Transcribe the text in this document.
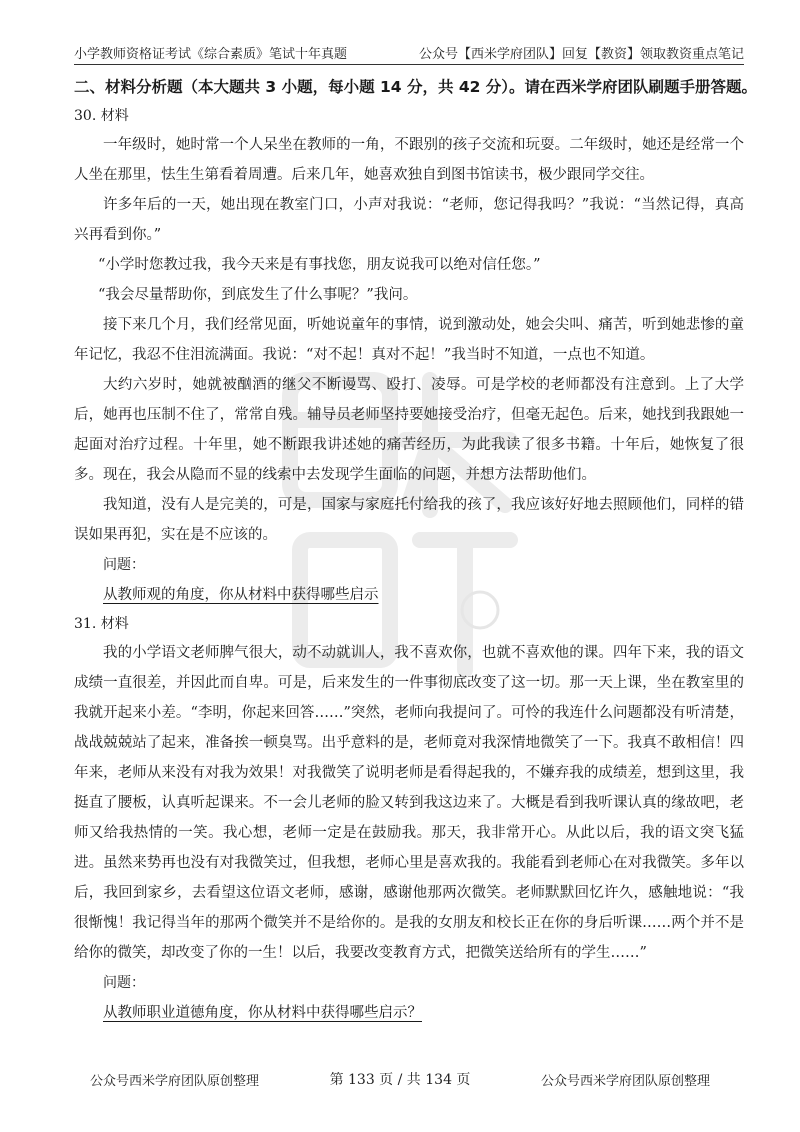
小学教师资格证考试《综合素质》笔试十年真题	公众号【西米学府团队】回复【教资】领取教资重点笔记

二、材料分析题（本大题共 3 小题，每小题 14 分，共 42 分）。请在西米学府团队刷题手册答题。

30. 材料

一年级时，她时常一个人呆坐在教师的一角，不跟别的孩子交流和玩耍。二年级时，她还是经常一个人坐在那里，怯生生第看着周遭。后来几年，她喜欢独自到图书馆读书，极少跟同学交往。

许多年后的一天，她出现在教室门口，小声对我说：“老师，您记得我吗？”我说：“当然记得，真高兴再看到你。”

“小学时您教过我，我今天来是有事找您，朋友说我可以绝对信任您。”

“我会尽量帮助你，到底发生了什么事呢？”我问。

接下来几个月，我们经常见面，听她说童年的事情，说到激动处，她会尖叫、痛苦，听到她悲惨的童年记忆，我忍不住泪流满面。我说：“对不起！真对不起！”我当时不知道，一点也不知道。

大约六岁时，她就被酗酒的继父不断谩骂、殴打、凌辱。可是学校的老师都没有注意到。上了大学后，她再也压制不住了，常常自残。辅导员老师坚持要她接受治疗，但毫无起色。后来，她找到我跟她一起面对治疗过程。十年里，她不断跟我讲述她的痛苦经历，为此我读了很多书籍。十年后，她恢复了很多。现在，我会从隐而不显的线索中去发现学生面临的问题，并想方法帮助他们。

我知道，没有人是完美的，可是，国家与家庭托付给我的孩了，我应该好好地去照顾他们，同样的错误如果再犯，实在是不应该的。

问题：

从教师观的角度，你从材料中获得哪些启示

31. 材料

我的小学语文老师脾气很大，动不动就训人，我不喜欢你，也就不喜欢他的课。四年下来，我的语文成绩一直很差，并因此而自卑。可是，后来发生的一件事彻底改变了这一切。那一天上课，坐在教室里的我就开起来小差。“李明，你起来回答……”突然，老师向我提问了。可怜的我连什么问题都没有听清楚，战战兢兢站了起来，准备挨一顿臭骂。出乎意料的是，老师竟对我深情地微笑了一下。我真不敢相信！四年来，老师从来没有对我为效果！对我微笑了说明老师是看得起我的，不嫌弃我的成绩差，想到这里，我挺直了腰板，认真听起课来。不一会儿老师的脸又转到我这边来了。大概是看到我听课认真的缘故吧，老师又给我热情的一笑。我心想，老师一定是在鼓励我。那天，我非常开心。从此以后，我的语文突飞猛进。虽然来势再也没有对我微笑过，但我想，老师心里是喜欢我的。我能看到老师心在对我微笑。多年以后，我回到家乡，去看望这位语文老师，感谢，感谢他那两次微笑。老师默默回忆许久，感触地说：“我很惭愧！我记得当年的那两个微笑并不是给你的。是我的女朋友和校长正在你的身后听课……两个并不是给你的微笑，却改变了你的一生！以后，我要改变教育方式，把微笑送给所有的学生……”

问题：

从教师职业道德角度，你从材料中获得哪些启示？

公众号西米学府团队原创整理	第 133 页 / 共 134 页	公众号西米学府团队原创整理
